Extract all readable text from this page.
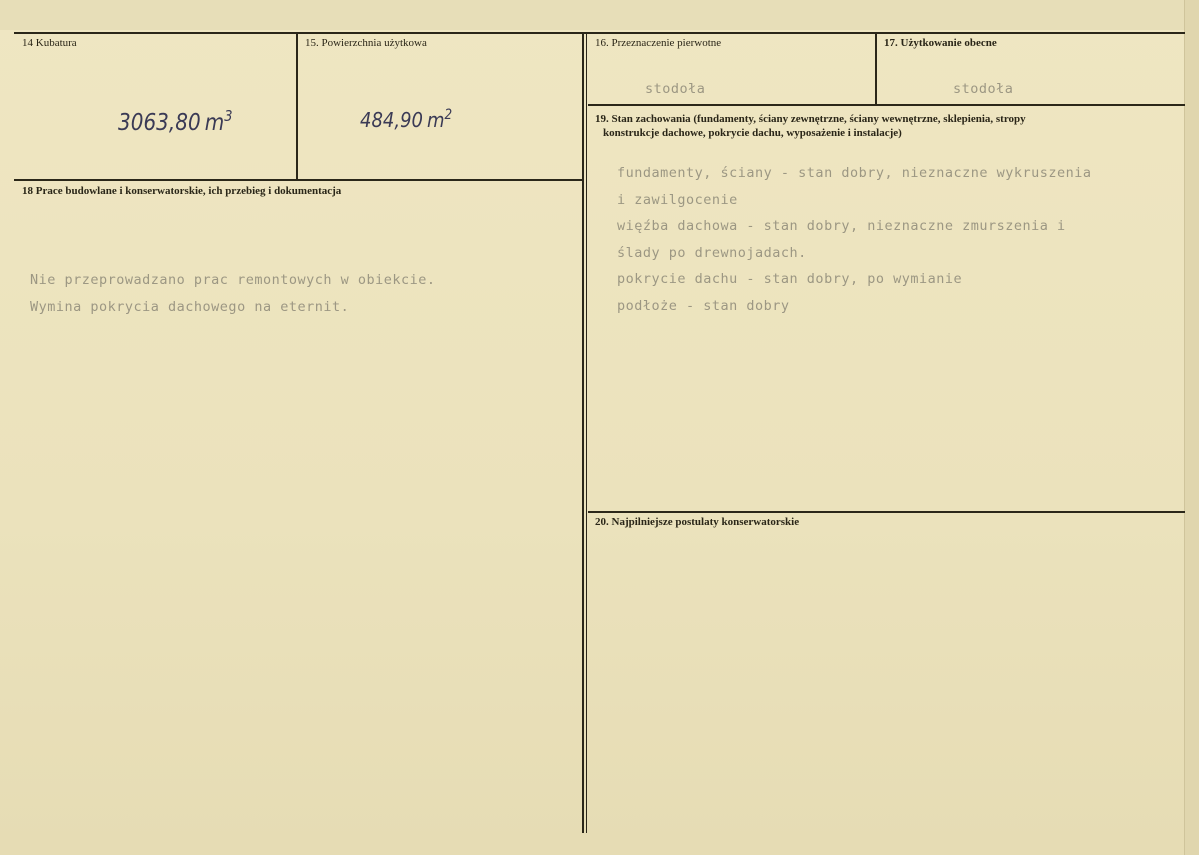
14 Kubatura
3063,80 $m^3$
15. Powierzchnia użytkowa
484,90 $m^2$
16. Przeznaczenie pierwotne
stodoła
17. Użytkowanie obecne
stodoła
18 Prace budowlane i konserwatorskie, ich przebieg i dokumentacja
Nie przeprowadzano prac remontowych w obiekcie.
Wymina pokrycia dachowego na eternit.
19. Stan zachowania (fundamenty, ściany zewnętrzne, ściany wewnętrzne, sklepienia, stropy
konstrukcje dachowe, pokrycie dachu, wyposażenie i instalacje)
fundamenty, ściany - stan dobry, nieznaczne wykruszenia
i zawilgocenie
więźba dachowa - stan dobry, nieznaczne zmurszenia i
ślady po drewnojadach.
pokrycie dachu - stan dobry, po wymianie
podłoże - stan dobry
20. Najpilniejsze postulaty konserwatorskie
